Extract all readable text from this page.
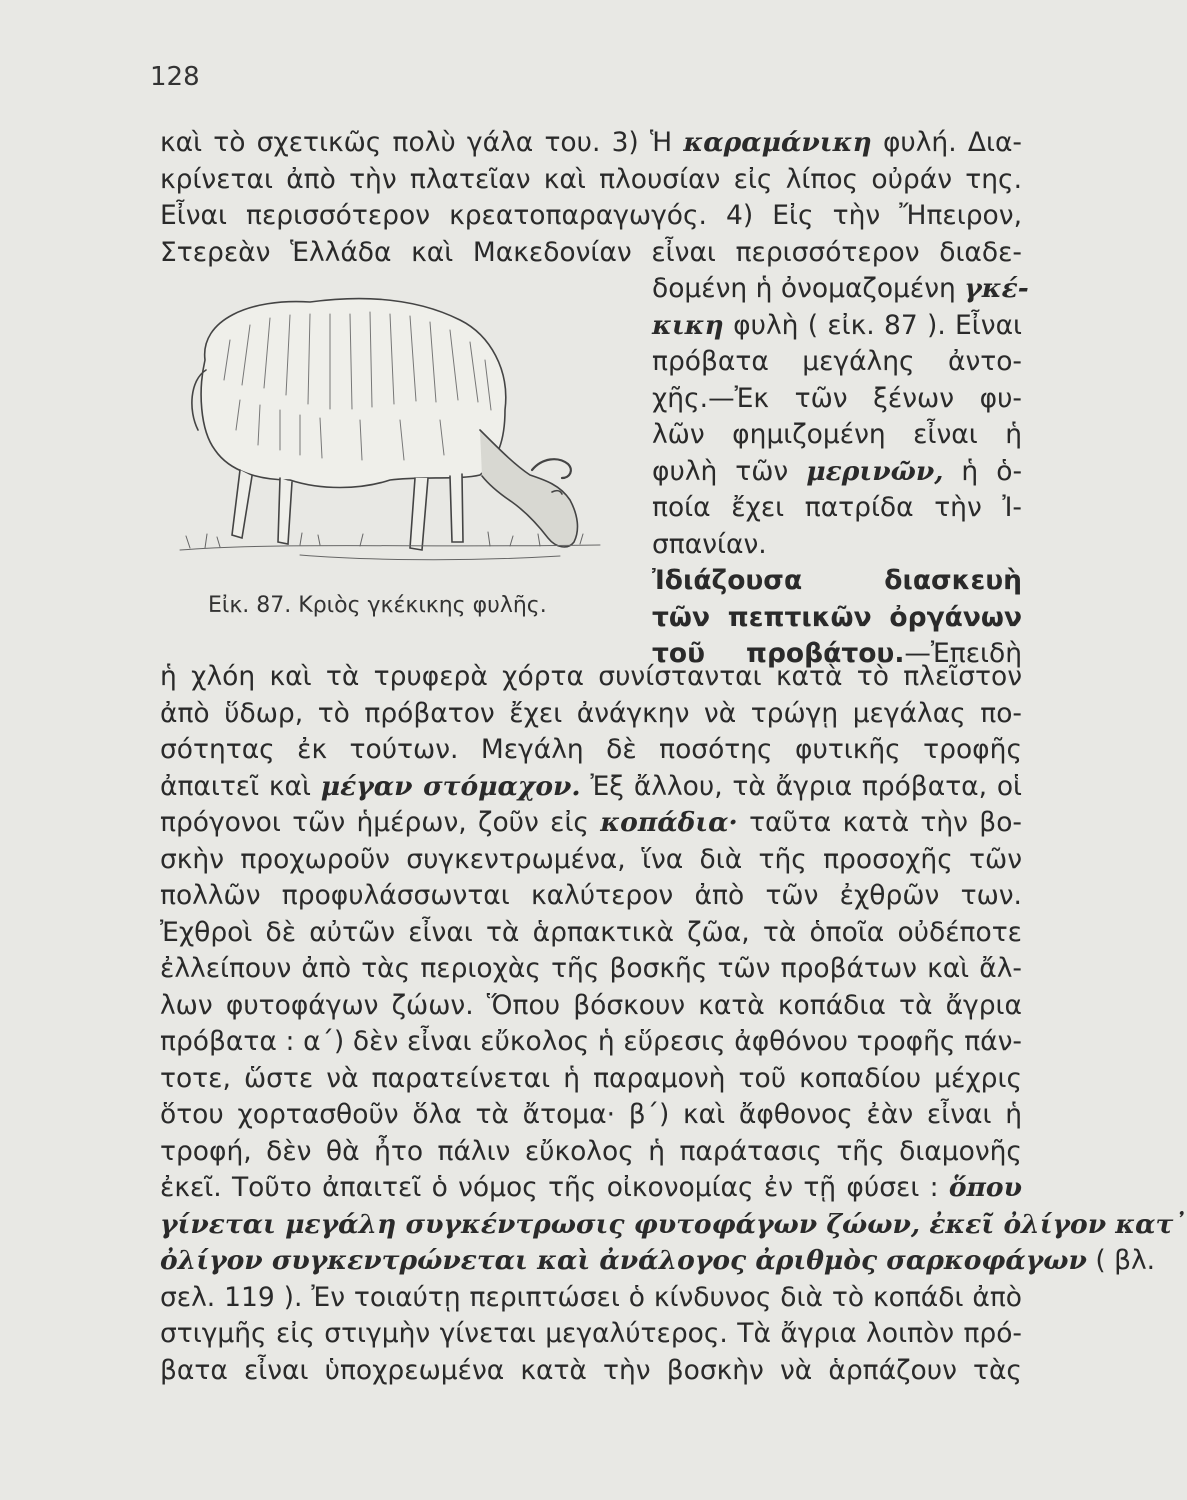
128
καὶ τὸ σχετικῶς πολὺ γάλα του. 3) Ἡ καραμάνικη φυλή. Δια-
κρίνεται ἀπὸ τὴν πλατεῖαν καὶ πλουσίαν εἰς λίπος οὐράν της.
Εἶναι περισσότερον κρεατοπαραγωγός. 4) Εἰς τὴν Ἤπειρον,
Στερεὰν Ἑλλάδα καὶ Μακεδονίαν εἶναι περισσότερον διαδε-
Εἰκ. 87. Κριὸς γκέκικης φυλῆς.
δομένη ἡ ὀνομαζομένη γκέ-
κικη φυλὴ ( εἰκ. 87 ). Εἶναι
πρόβατα μεγάλης ἀντο-
χῆς.—Ἐκ τῶν ξένων φυ-
λῶν φημιζομένη εἶναι ἡ
φυλὴ τῶν μερινῶν, ἡ ὁ-
ποία ἔχει πατρίδα τὴν Ἰ-
σπανίαν.
Ἰδιάζουσα διασκευὴ
τῶν πεπτικῶν ὀργάνων
τοῦ προβάτου.—Ἐπειδὴ
ἡ χλόη καὶ τὰ τρυφερὰ χόρτα συνίστανται κατὰ τὸ πλεῖστον
ἀπὸ ὕδωρ, τὸ πρόβατον ἔχει ἀνάγκην νὰ τρώγῃ μεγάλας πο-
σότητας ἐκ τούτων. Μεγάλη δὲ ποσότης φυτικῆς τροφῆς
ἀπαιτεῖ καὶ μέγαν στόμαχον. Ἐξ ἄλλου, τὰ ἄγρια πρόβατα, οἱ
πρόγονοι τῶν ἡμέρων, ζοῦν εἰς κοπάδια· ταῦτα κατὰ τὴν βο-
σκὴν προχωροῦν συγκεντρωμένα, ἵνα διὰ τῆς προσοχῆς τῶν
πολλῶν προφυλάσσωνται καλύτερον ἀπὸ τῶν ἐχθρῶν των.
Ἐχθροὶ δὲ αὐτῶν εἶναι τὰ ἁρπακτικὰ ζῶα, τὰ ὁποῖα οὐδέποτε
ἐλλείπουν ἀπὸ τὰς περιοχὰς τῆς βοσκῆς τῶν προβάτων καὶ ἄλ-
λων φυτοφάγων ζώων. Ὅπου βόσκουν κατὰ κοπάδια τὰ ἄγρια
πρόβατα : α΄) δὲν εἶναι εὔκολος ἡ εὕρεσις ἀφθόνου τροφῆς πάν-
τοτε, ὥστε νὰ παρατείνεται ἡ παραμονὴ τοῦ κοπαδίου μέχρις
ὅτου χορτασθοῦν ὅλα τὰ ἄτομα· β΄) καὶ ἄφθονος ἐὰν εἶναι ἡ
τροφή, δὲν θὰ ἦτο πάλιν εὔκολος ἡ παράτασις τῆς διαμονῆς
ἐκεῖ. Τοῦτο ἀπαιτεῖ ὁ νόμος τῆς οἰκονομίας ἐν τῇ φύσει : ὅπου
γίνεται μεγάλη συγκέντρωσις φυτοφάγων ζώων, ἐκεῖ ὀλίγον κατ᾽
ὀλίγον συγκεντρώνεται καὶ ἀνάλογος ἀριθμὸς σαρκοφάγων ( βλ.
σελ. 119 ). Ἐν τοιαύτῃ περιπτώσει ὁ κίνδυνος διὰ τὸ κοπάδι ἀπὸ
στιγμῆς εἰς στιγμὴν γίνεται μεγαλύτερος. Τὰ ἄγρια λοιπὸν πρό-
βατα εἶναι ὑποχρεωμένα κατὰ τὴν βοσκὴν νὰ ἁρπάζουν τὰς
